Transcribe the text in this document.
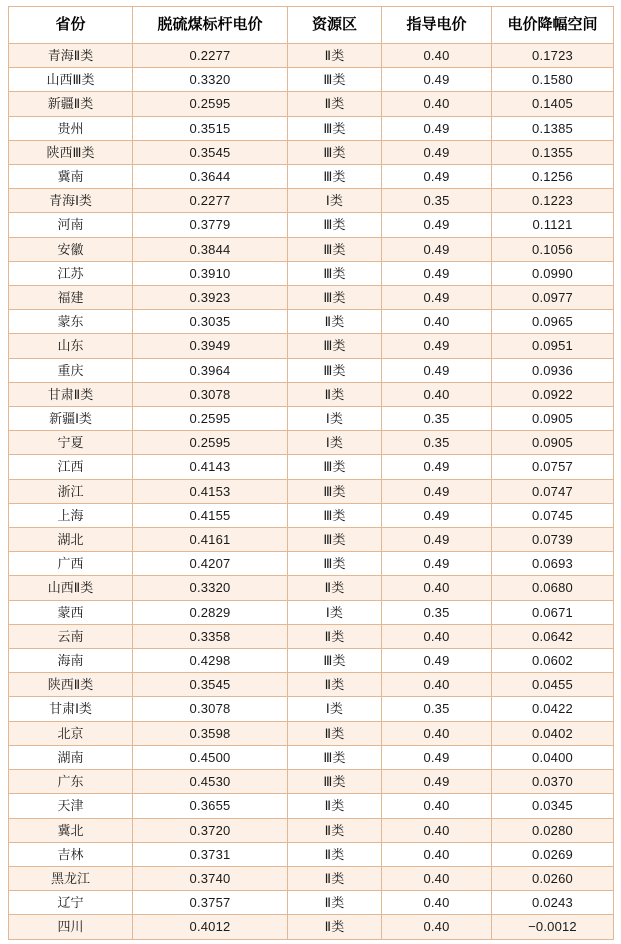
省份	脱硫煤标杆电价	资源区	指导电价	电价降幅空间
青海Ⅱ类	0.2277	Ⅱ类	0.40	0.1723
山西Ⅲ类	0.3320	Ⅲ类	0.49	0.1580
新疆Ⅱ类	0.2595	Ⅱ类	0.40	0.1405
贵州	0.3515	Ⅲ类	0.49	0.1385
陕西Ⅲ类	0.3545	Ⅲ类	0.49	0.1355
冀南	0.3644	Ⅲ类	0.49	0.1256
青海Ⅰ类	0.2277	Ⅰ类	0.35	0.1223
河南	0.3779	Ⅲ类	0.49	0.1121
安徽	0.3844	Ⅲ类	0.49	0.1056
江苏	0.3910	Ⅲ类	0.49	0.0990
福建	0.3923	Ⅲ类	0.49	0.0977
蒙东	0.3035	Ⅱ类	0.40	0.0965
山东	0.3949	Ⅲ类	0.49	0.0951
重庆	0.3964	Ⅲ类	0.49	0.0936
甘肃Ⅱ类	0.3078	Ⅱ类	0.40	0.0922
新疆Ⅰ类	0.2595	Ⅰ类	0.35	0.0905
宁夏	0.2595	Ⅰ类	0.35	0.0905
江西	0.4143	Ⅲ类	0.49	0.0757
浙江	0.4153	Ⅲ类	0.49	0.0747
上海	0.4155	Ⅲ类	0.49	0.0745
湖北	0.4161	Ⅲ类	0.49	0.0739
广西	0.4207	Ⅲ类	0.49	0.0693
山西Ⅱ类	0.3320	Ⅱ类	0.40	0.0680
蒙西	0.2829	Ⅰ类	0.35	0.0671
云南	0.3358	Ⅱ类	0.40	0.0642
海南	0.4298	Ⅲ类	0.49	0.0602
陕西Ⅱ类	0.3545	Ⅱ类	0.40	0.0455
甘肃Ⅰ类	0.3078	Ⅰ类	0.35	0.0422
北京	0.3598	Ⅱ类	0.40	0.0402
湖南	0.4500	Ⅲ类	0.49	0.0400
广东	0.4530	Ⅲ类	0.49	0.0370
天津	0.3655	Ⅱ类	0.40	0.0345
冀北	0.3720	Ⅱ类	0.40	0.0280
吉林	0.3731	Ⅱ类	0.40	0.0269
黑龙江	0.3740	Ⅱ类	0.40	0.0260
辽宁	0.3757	Ⅱ类	0.40	0.0243
四川	0.4012	Ⅱ类	0.40	−0.0012
